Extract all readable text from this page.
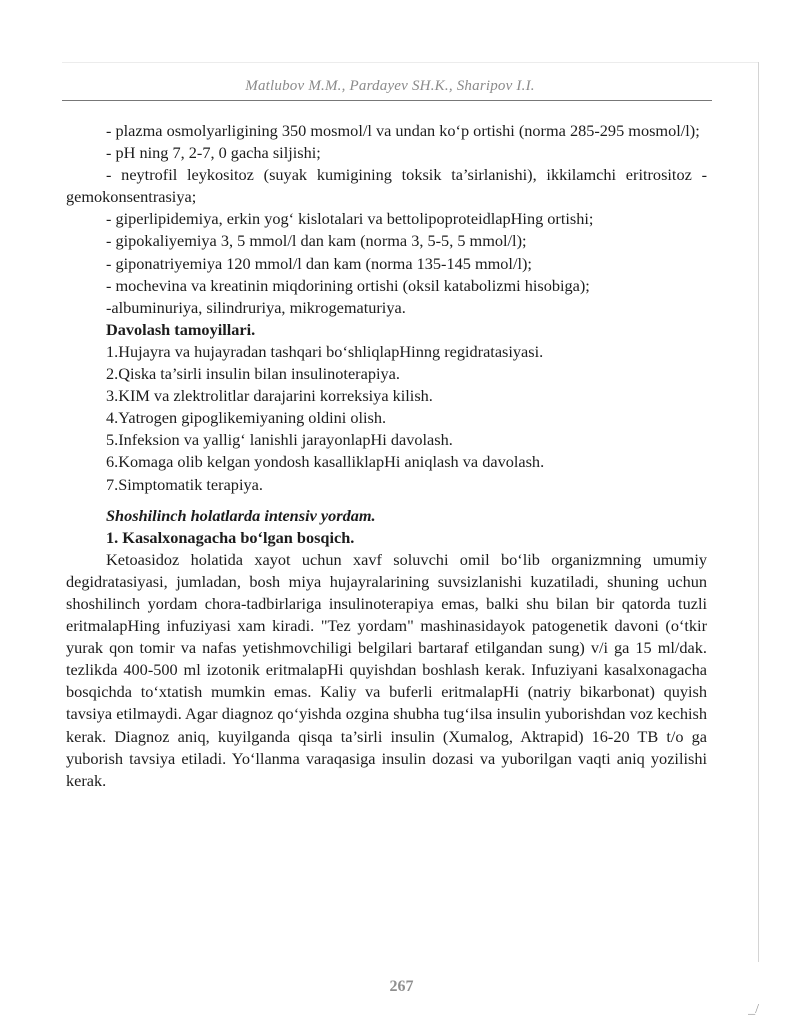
Matlubov M.M., Pardayev SH.K., Sharipov I.I.

- plazma osmolyarligining 350 mosmol/l va undan ko‘p ortishi (norma 285-295 mosmol/l);

- pH ning 7, 2-7, 0 gacha siljishi;

- neytrofil leykositoz (suyak kumigining toksik ta’sirlanishi), ikkilamchi eritrositoz - gemokonsentrasiya;

- giperlipidemiya, erkin yog‘ kislotalari va bettolipoproteidlapHing ortishi;

- gipokaliyemiya 3, 5 mmol/l dan kam (norma 3, 5-5, 5 mmol/l);

- giponatriyemiya 120 mmol/l dan kam (norma 135-145 mmol/l);

- mochevina va kreatinin miqdorining ortishi (oksil katabolizmi hisobiga);

-albuminuriya, silindruriya, mikrogematuriya.

Davolash tamoyillari.

1.Hujayra va hujayradan tashqari bo‘shliqlapHinng regidratasiyasi.

2.Qiska ta’sirli insulin bilan insulinoterapiya.

3.KIM va zlektrolitlar darajarini korreksiya kilish.

4.Yatrogen gipoglikemiyaning oldini olish.

5.Infeksion va yallig‘ lanishli jarayonlapHi davolash.

6.Komaga olib kelgan yondosh kasalliklapHi aniqlash va davolash.

7.Simptomatik terapiya.

Shoshilinch holatlarda intensiv yordam.

1. Kasalxonagacha bo‘lgan bosqich.

Ketoasidoz holatida xayot uchun xavf soluvchi omil bo‘lib organizmning umumiy degidratasiyasi, jumladan, bosh miya hujayralarining suvsizlanishi kuzatiladi, shuning uchun shoshilinch yordam chora-tadbirlariga insulinoterapiya emas, balki shu bilan bir qatorda tuzli eritmalapHing infuziyasi xam kiradi. "Tez yordam" mashinasidayok patogenetik davoni (o‘tkir yurak qon tomir va nafas yetishmovchiligi belgilari bartaraf etilgandan sung) v/i ga 15 ml/dak. tezlikda 400-500 ml izotonik eritmalapHi quyishdan boshlash kerak. Infuziyani kasalxonagacha bosqichda to‘xtatish mumkin emas. Kaliy va buferli eritmalapHi (natriy bikarbonat) quyish tavsiya etilmaydi. Agar diagnoz qo‘yishda ozgina shubha tug‘ilsa insulin yuborishdan voz kechish kerak. Diagnoz aniq, kuyilganda qisqa ta’sirli insulin (Xumalog, Aktrapid) 16-20 TB t/o ga yuborish tavsiya etiladi. Yo‘llanma varaqasiga insulin dozasi va yuborilgan vaqti aniq yozilishi kerak.

267
_/
